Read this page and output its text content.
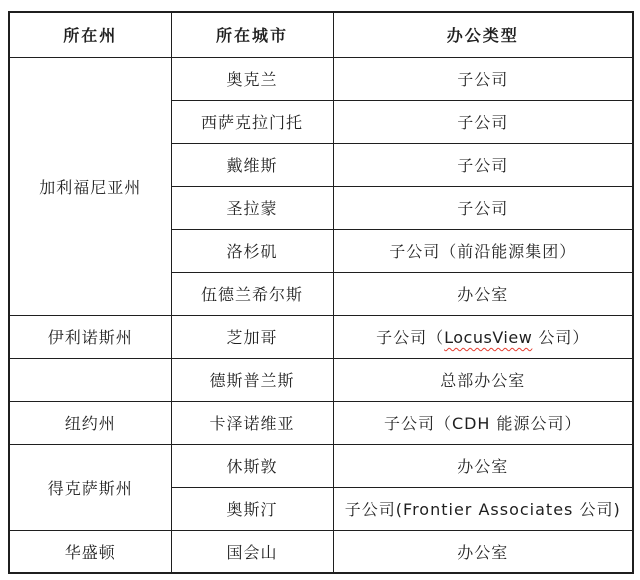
所在州	所在城市	办公类型
加利福尼亚州	奥克兰	子公司
	西萨克拉门托	子公司
	戴维斯	子公司
	圣拉蒙	子公司
	洛杉矶	子公司（前沿能源集团）
	伍德兰希尔斯	办公室
伊利诺斯州	芝加哥	子公司（LocusView 公司）
	德斯普兰斯	总部办公室
纽约州	卡泽诺维亚	子公司（CDH 能源公司）
得克萨斯州	休斯敦	办公室
	奥斯汀	子公司(Frontier Associates 公司)
华盛顿	国会山	办公室
